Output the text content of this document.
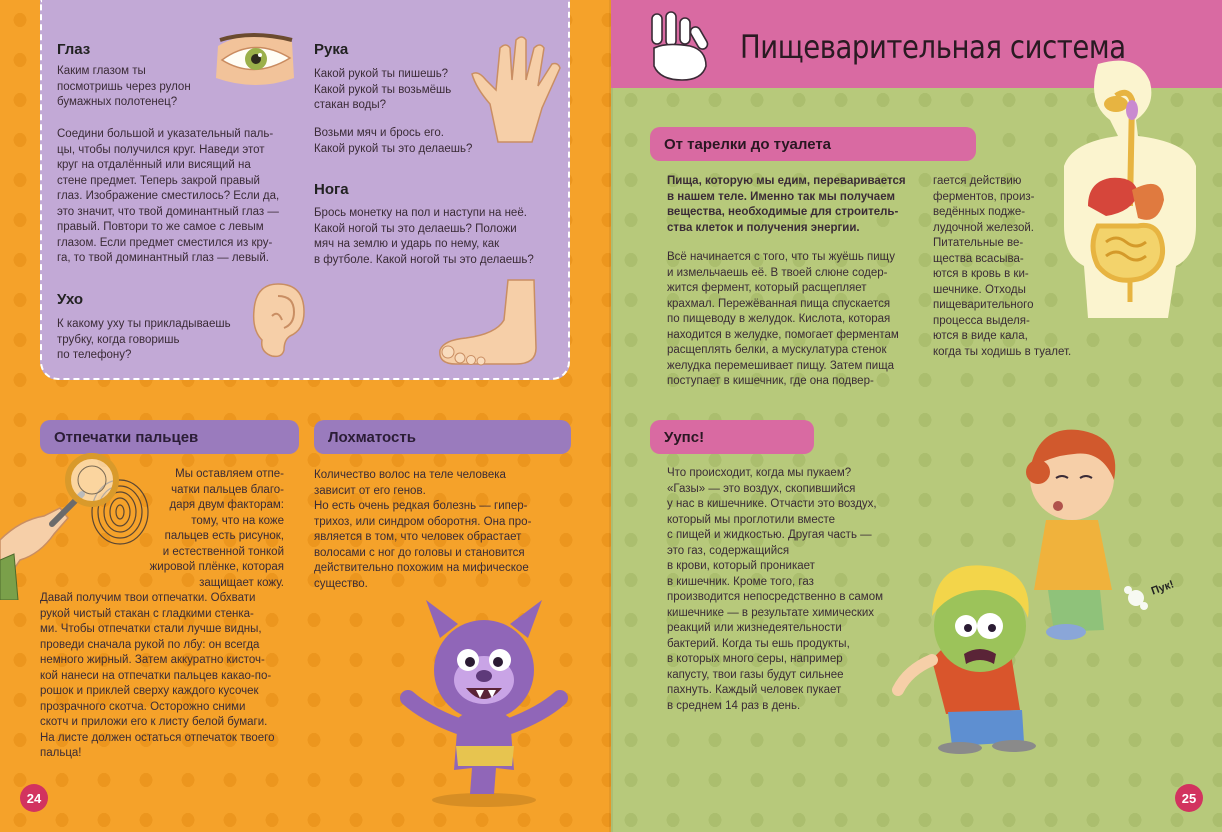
Глаз
Каким глазом ты
посмотришь через рулон
бумажных полотенец?
Соедини большой и указательный паль-
цы, чтобы получился круг. Наведи этот
круг на отдалённый или висящий на
стене предмет. Теперь закрой правый
глаз. Изображение сместилось? Если да,
это значит, что твой доминантный глаз —
правый. Повтори то же самое с левым
глазом. Если предмет сместился из кру-
га, то твой доминантный глаз — левый.
Рука
Какой рукой ты пишешь?
Какой рукой ты возьмёшь
стакан воды?
Возьми мяч и брось его.
Какой рукой ты это делаешь?
Нога
Брось монетку на пол и наступи на неё.
Какой ногой ты это делаешь? Положи
мяч на землю и ударь по нему, как
в футболе. Какой ногой ты это делаешь?
Ухо
К какому уху ты прикладываешь
трубку, когда говоришь
по телефону?
Отпечатки пальцев
Мы оставляем отпе-
чатки пальцев благо-
даря двум факторам:
тому, что на коже
пальцев есть рисунок,
и естественной тонкой
жировой плёнке, которая
защищает кожу.
Давай получим твои отпечатки. Обхвати
рукой чистый стакан с гладкими стенка-
ми. Чтобы отпечатки стали лучше видны,
проведи сначала рукой по лбу: он всегда
немного жирный. Затем аккуратно кисточ-
кой нанеси на отпечатки пальцев какао-по-
рошок и приклей сверху каждого кусочек
прозрачного скотча. Осторожно сними
скотч и приложи его к листу белой бумаги.
На листе должен остаться отпечаток твоего
пальца!
Лохматость
Количество волос на теле человека
зависит от его генов.
Но есть очень редкая болезнь — гипер-
трихоз, или синдром оборотня. Она про-
является в том, что человек обрастает
волосами с ног до головы и становится
действительно похожим на мифическое
существо.
24
Пищеварительная система
От тарелки до туалета
Пища, которую мы едим, переваривается
в нашем теле. Именно так мы получаем
вещества, необходимые для строитель-
ства клеток и получения энергии.
Всё начинается с того, что ты жуёшь пищу
и измельчаешь её. В твоей слюне содер-
жится фермент, который расщепляет
крахмал. Пережёванная пища спускается
по пищеводу в желудок. Кислота, которая
находится в желудке, помогает ферментам
расщеплять белки, а мускулатура стенок
желудка перемешивает пищу. Затем пища
поступает в кишечник, где она подвер-
гается действию
ферментов, произ-
ведённых поджe-
лудочной железой.
Питательные ве-
щества всасыва-
ются в кровь в ки-
шечнике. Отходы
пищеварительного
процесса выделя-
ются в виде кала,
когда ты ходишь в туалет.
Уупс!
Что происходит, когда мы пукаем?
«Газы» — это воздух, скопившийся
у нас в кишечнике. Отчасти это воздух,
который мы проглотили вместе
с пищей и жидкостью. Другая часть —
это газ, содержащийся
в крови, который проникает
в кишечник. Кроме того, газ
производится непосредственно в самом
кишечнике — в результате химических
реакций или жизнедеятельности
бактерий. Когда ты ешь продукты,
в которых много серы, например
капусту, твои газы будут сильнее
пахнуть. Каждый человек пукает
в среднем 14 раз в день.
Пук!
25
